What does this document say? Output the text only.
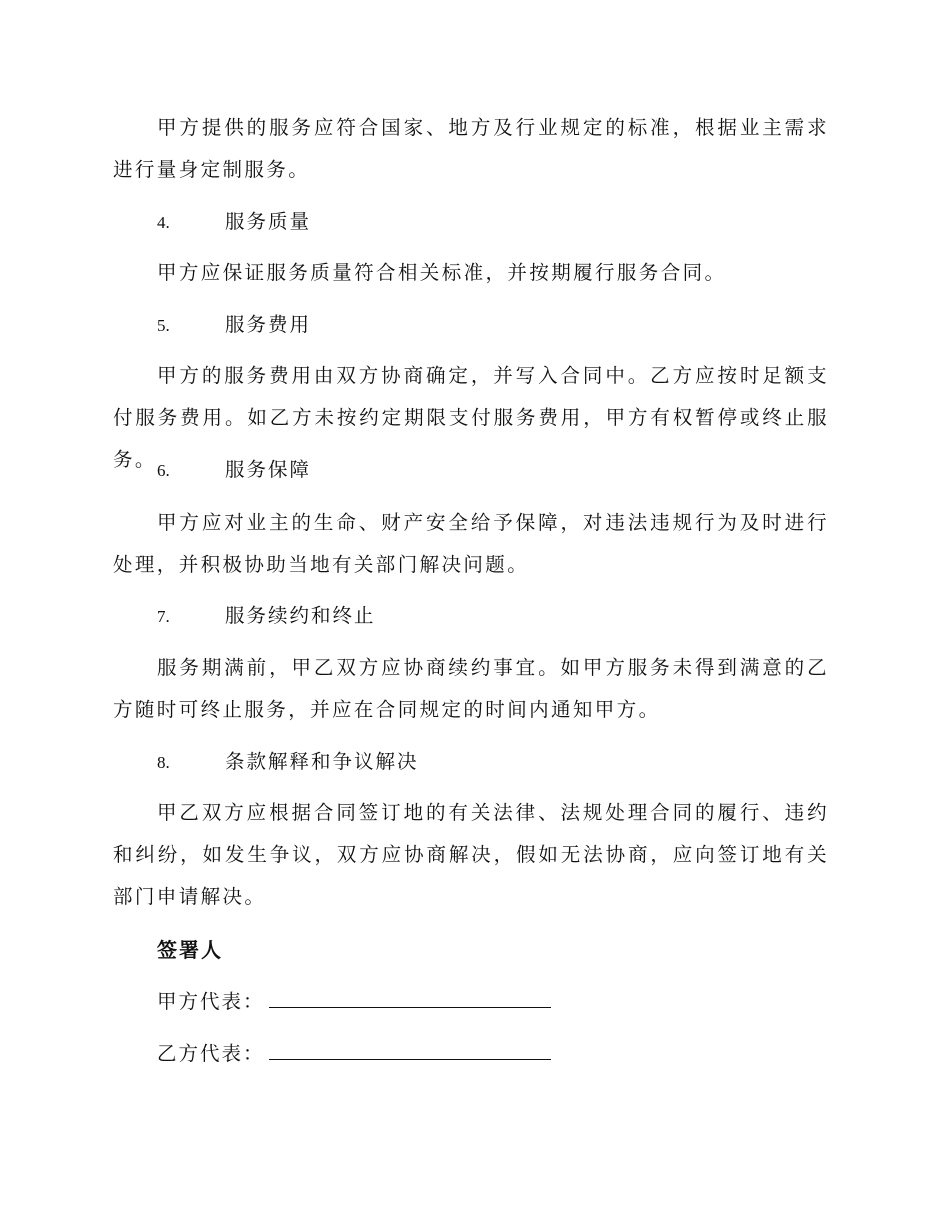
甲方提供的服务应符合国家、地方及行业规定的标准，根据业主需求进行量身定制服务。

4.	服务质量

甲方应保证服务质量符合相关标准，并按期履行服务合同。

5.	服务费用

甲方的服务费用由双方协商确定，并写入合同中。乙方应按时足额支付服务费用。如乙方未按约定期限支付服务费用，甲方有权暂停或终止服务。 6.	服务保障

甲方应对业主的生命、财产安全给予保障，对违法违规行为及时进行处理，并积极协助当地有关部门解决问题。

7.	服务续约和终止

服务期满前，甲乙双方应协商续约事宜。如甲方服务未得到满意的乙方随时可终止服务，并应在合同规定的时间内通知甲方。

8.	条款解释和争议解决

甲乙双方应根据合同签订地的有关法律、法规处理合同的履行、违约和纠纷，如发生争议，双方应协商解决，假如无法协商，应向签订地有关部门申请解决。

签署人
甲方代表：
乙方代表：
